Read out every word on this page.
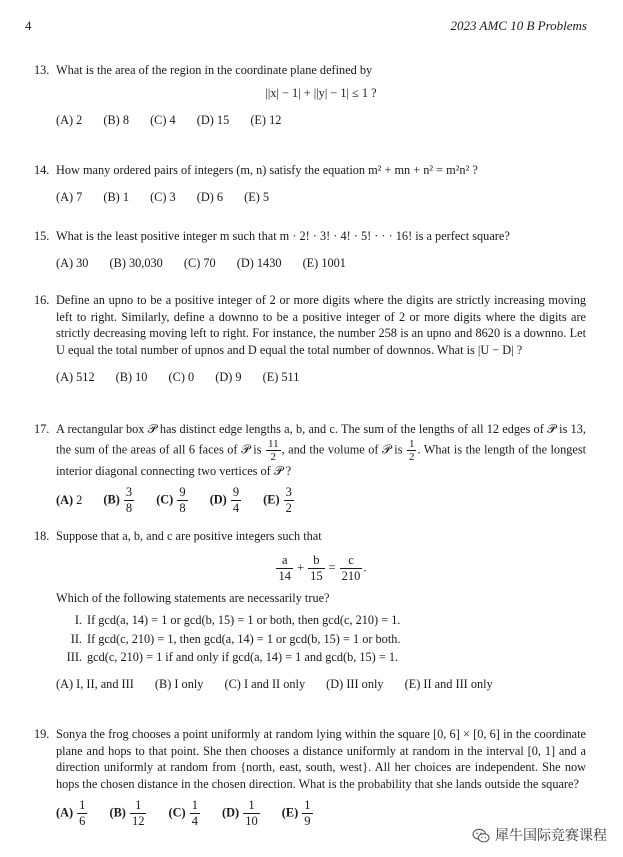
4	2023 AMC 10 B Problems
13. What is the area of the region in the coordinate plane defined by

||x| − 1| + ||y| − 1| ≤ 1 ?
(A) 2 (B) 8 (C) 4 (D) 15 (E) 12
14. How many ordered pairs of integers (m, n) satisfy the equation m² + mn + n² = m²n² ?

(A) 7 (B) 1 (C) 3 (D) 6 (E) 5
15. What is the least positive integer m such that m · 2! · 3! · 4! · 5! · · · 16! is a perfect square?

(A) 30 (B) 30,030 (C) 70 (D) 1430 (E) 1001
16. Define an upno to be a positive integer of 2 or more digits where the digits are strictly increasing moving left to right. Similarly, define a downno to be a positive integer of 2 or more digits where the digits are strictly decreasing moving left to right. For instance, the number 258 is an upno and 8620 is a downno. Let U equal the total number of upnos and D equal the total number of downnos. What is |U − D| ?

(A) 512 (B) 10 (C) 0 (D) 9 (E) 511
17. A rectangular box 𝒫 has distinct edge lengths a, b, and c. The sum of the lengths of all 12 edges of 𝒫 is 13, the sum of the areas of all 6 faces of 𝒫 is $\frac{11}{2}$ , and the volume of 𝒫 is $\frac{1}{2}$ . What is the length of the longest interior diagonal connecting two vertices of 𝒫 ?

(A) 2 $(B) \frac{3}{8} (C) \frac{9}{8} (D) \frac{9}{4} (E) \frac{3}{2}$
18. Suppose that a, b, and c are positive integers such that

$\frac{a}{14} + \frac{b}{15} = \frac{c}{210}$ .

Which of the following statements are necessarily true?

I. If gcd(a, 14) = 1 or gcd(b, 15) = 1 or both, then gcd(c, 210) = 1.
II. If gcd(c, 210) = 1, then gcd(a, 14) = 1 or gcd(b, 15) = 1 or both.
III. gcd(c, 210) = 1 if and only if gcd(a, 14) = 1 and gcd(b, 15) = 1.
(A) I, II, and III (B) I only (C) I and II only (D) III only (E) II and III only
19. Sonya the frog chooses a point uniformly at random lying within the square [0, 6] × [0, 6] in the coordinate plane and hops to that point. She then chooses a distance uniformly at random in the interval [0, 1] and a direction uniformly at random from {north, east, south, west}. All her choices are independent. She now hops the chosen distance in the chosen direction. What is the probability that she lands outside the square?

$(A) \frac{1}{6} (B) \frac{1}{12} (C) \frac{1}{4} (D) \frac{1}{10} (E) \frac{1}{9}$
犀牛国际竞赛课程
